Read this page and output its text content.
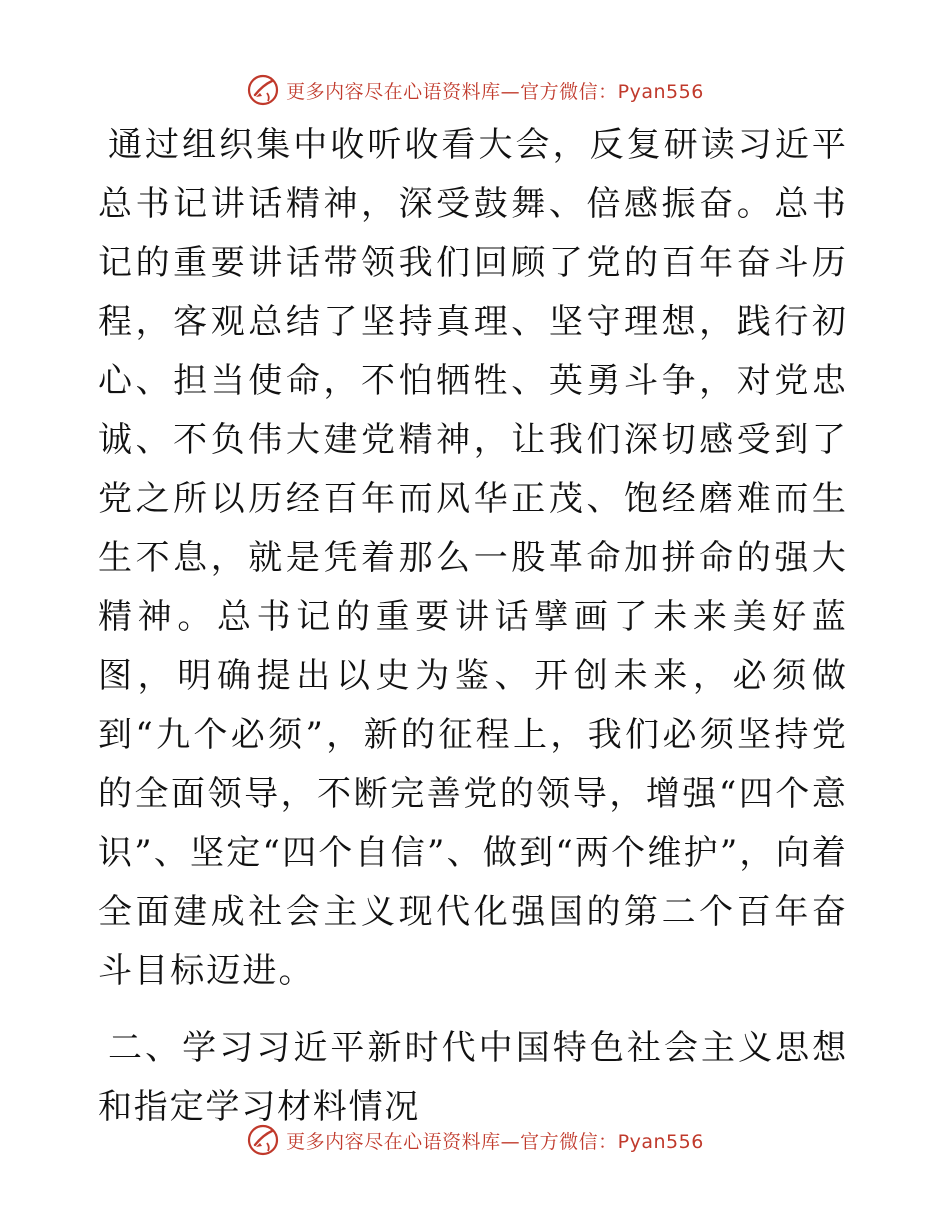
更多内容尽在心语资料库—官方微信：Pyan556

通过组织集中收听收看大会，反复研读习近平总书记讲话精神，深受鼓舞、倍感振奋。总书记的重要讲话带领我们回顾了党的百年奋斗历程，客观总结了坚持真理、坚守理想，践行初心、担当使命，不怕牺牲、英勇斗争，对党忠诚、不负伟大建党精神，让我们深切感受到了党之所以历经百年而风华正茂、饱经磨难而生生不息，就是凭着那么一股革命加拼命的强大精神。总书记的重要讲话擘画了未来美好蓝图，明确提出以史为鉴、开创未来，必须做到“九个必须”，新的征程上，我们必须坚持党的全面领导，不断完善党的领导，增强“四个意识”、坚定“四个自信”、做到“两个维护”，向着全面建成社会主义现代化强国的第二个百年奋斗目标迈进。

二、学习习近平新时代中国特色社会主义思想和指定学习材料情况

更多内容尽在心语资料库—官方微信：Pyan556
